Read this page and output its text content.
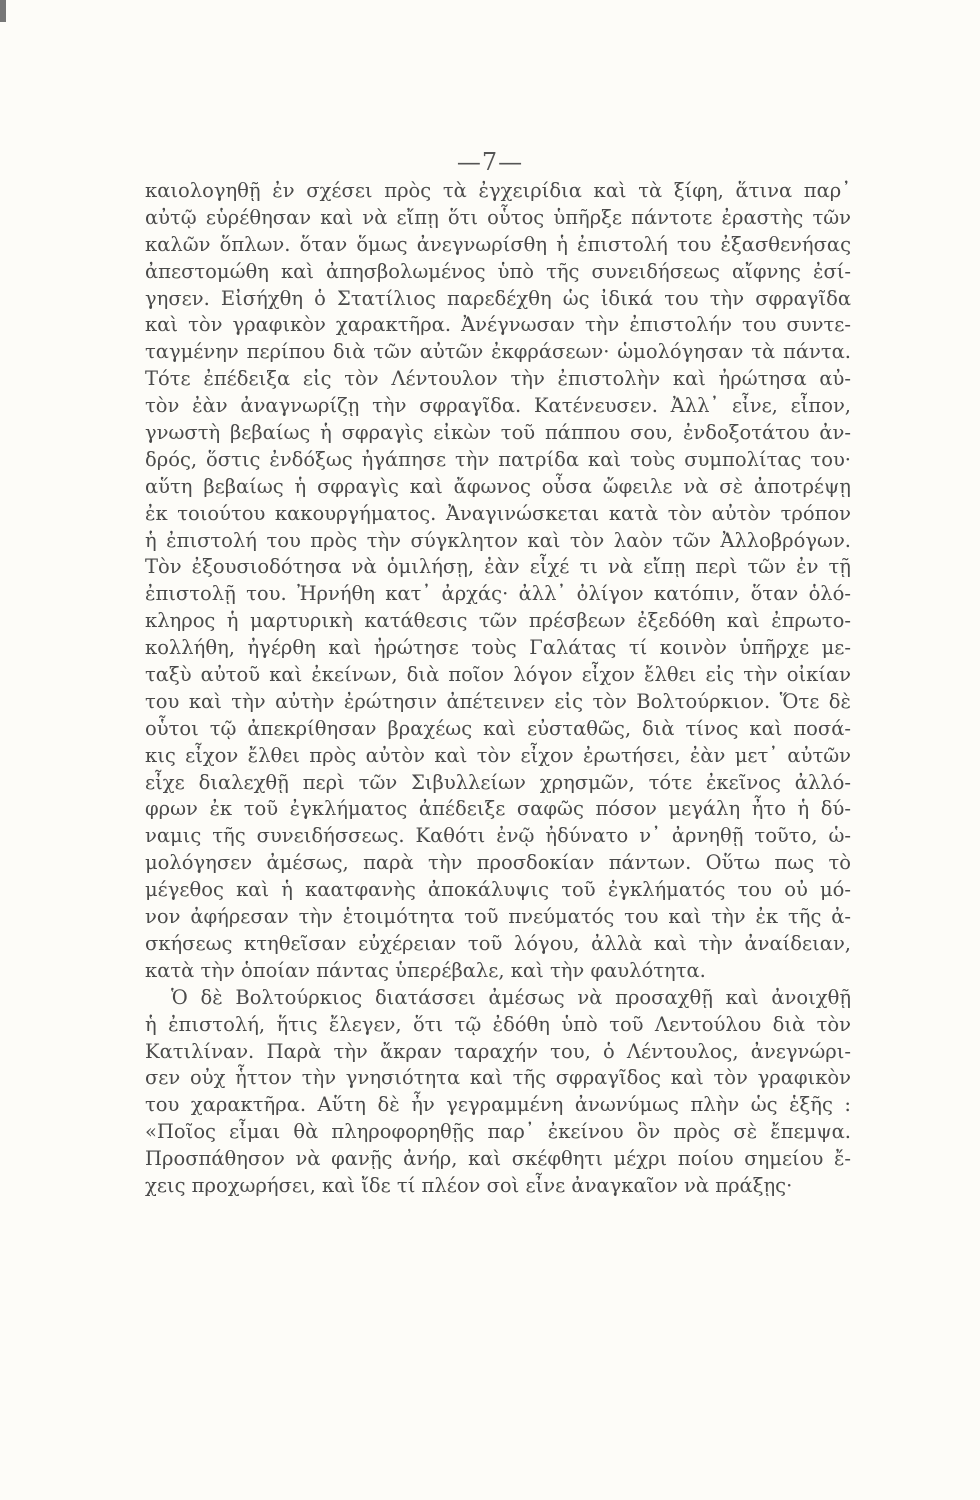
—7—
καιολογηθῇ ἐν σχέσει πρὸς τὰ ἐγχειρίδια καὶ τὰ ξίφη, ἅτινα παρ᾽
αὐτῷ εὑρέθησαν καὶ νὰ εἴπῃ ὅτι οὗτος ὑπῆρξε πάντοτε ἐραστὴς τῶν
καλῶν ὅπλων. ὅταν ὅμως ἀνεγνωρίσθη ἡ ἐπιστολή του ἐξασθενήσας
ἀπεστομώθη καὶ ἀπησβολωμένος ὑπὸ τῆς συνειδήσεως αἴφνης ἐσί-
γησεν. Εἰσήχθη ὁ Στατίλιος παρεδέχθη ὡς ἰδικά του τὴν σφραγῖδα
καὶ τὸν γραφικὸν χαρακτῆρα. Ἀνέγνωσαν τὴν ἐπιστολήν του συντε-
ταγμένην περίπου διὰ τῶν αὐτῶν ἐκφράσεων· ὡμολόγησαν τὰ πάντα.
Τότε ἐπέδειξα εἰς τὸν Λέντουλον τὴν ἐπιστολὴν καὶ ἠρώτησα αὐ-
τὸν ἐὰν ἀναγνωρίζῃ τὴν σφραγῖδα. Κατένευσεν. Ἀλλ᾽ εἶνε, εἶπον,
γνωστὴ βεβαίως ἡ σφραγὶς εἰκὼν τοῦ πάππου σου, ἐνδοξοτάτου ἀν-
δρός, ὅστις ἐνδόξως ἠγάπησε τὴν πατρίδα καὶ τοὺς συμπολίτας του·
αὕτη βεβαίως ἡ σφραγὶς καὶ ἄφωνος οὖσα ὤφειλε νὰ σὲ ἀποτρέψῃ
ἐκ τοιούτου κακουργήματος. Ἀναγινώσκεται κατὰ τὸν αὐτὸν τρόπον
ἡ ἐπιστολή του πρὸς τὴν σύγκλητον καὶ τὸν λαὸν τῶν Ἀλλοβρόγων.
Τὸν ἐξουσιοδότησα νὰ ὁμιλήσῃ, ἐὰν εἶχέ τι νὰ εἴπῃ περὶ τῶν ἐν τῇ
ἐπιστολῇ του. Ἠρνήθη κατ᾽ ἀρχάς· ἀλλ᾽ ὀλίγον κατόπιν, ὅταν ὁλό-
κληρος ἡ μαρτυρικὴ κατάθεσις τῶν πρέσβεων ἐξεδόθη καὶ ἐπρωτο-
κολλήθη, ἠγέρθη καὶ ἠρώτησε τοὺς Γαλάτας τί κοινὸν ὑπῆρχε με-
ταξὺ αὐτοῦ καὶ ἐκείνων, διὰ ποῖον λόγον εἶχον ἔλθει εἰς τὴν οἰκίαν
του καὶ τὴν αὐτὴν ἐρώτησιν ἀπέτεινεν εἰς τὸν Βολτούρκιον. Ὅτε δὲ
οὗτοι τῷ ἀπεκρίθησαν βραχέως καὶ εὐσταθῶς, διὰ τίνος καὶ ποσά-
κις εἶχον ἔλθει πρὸς αὐτὸν καὶ τὸν εἶχον ἐρωτήσει, ἐὰν μετ᾽ αὐτῶν
εἶχε διαλεχθῇ περὶ τῶν Σιβυλλείων χρησμῶν, τότε ἐκεῖνος ἀλλό-
φρων ἐκ τοῦ ἐγκλήματος ἀπέδειξε σαφῶς πόσον μεγάλη ἦτο ἡ δύ-
ναμις τῆς συνειδήσσεως. Καθότι ἐνῷ ἠδύνατο ν᾽ ἀρνηθῇ τοῦτο, ὡ-
μολόγησεν ἀμέσως, παρὰ τὴν προσδοκίαν πάντων. Οὕτω πως τὸ
μέγεθος καὶ ἡ καατφανὴς ἀποκάλυψις τοῦ ἐγκλήματός του οὐ μό-
νον ἀφήρεσαν τὴν ἑτοιμότητα τοῦ πνεύματός του καὶ τὴν ἐκ τῆς ἀ-
σκήσεως κτηθεῖσαν εὐχέρειαν τοῦ λόγου, ἀλλὰ καὶ τὴν ἀναίδειαν,
κατὰ τὴν ὁποίαν πάντας ὑπερέβαλε, καὶ τὴν φαυλότητα.
Ὁ δὲ Βολτούρκιος διατάσσει ἀμέσως νὰ προσαχθῇ καὶ ἀνοιχθῇ
ἡ ἐπιστολή, ἥτις ἔλεγεν, ὅτι τῷ ἐδόθη ὑπὸ τοῦ Λεντούλου διὰ τὸν
Κατιλίναν. Παρὰ τὴν ἄκραν ταραχήν του, ὁ Λέντουλος, ἀνεγνώρι-
σεν οὐχ ἧττον τὴν γνησιότητα καὶ τῆς σφραγῖδος καὶ τὸν γραφικὸν
του χαρακτῆρα. Αὕτη δὲ ἦν γεγραμμένη ἀνωνύμως πλὴν ὡς ἑξῆς :
«Ποῖος εἶμαι θὰ πληροφορηθῇς παρ᾽ ἐκείνου ὃν πρὸς σὲ ἔπεμψα.
Προσπάθησον νὰ φανῇς ἀνήρ, καὶ σκέφθητι μέχρι ποίου σημείου ἔ-
χεις προχωρήσει, καὶ ἴδε τί πλέον σοὶ εἶνε ἀναγκαῖον νὰ πράξῃς·
